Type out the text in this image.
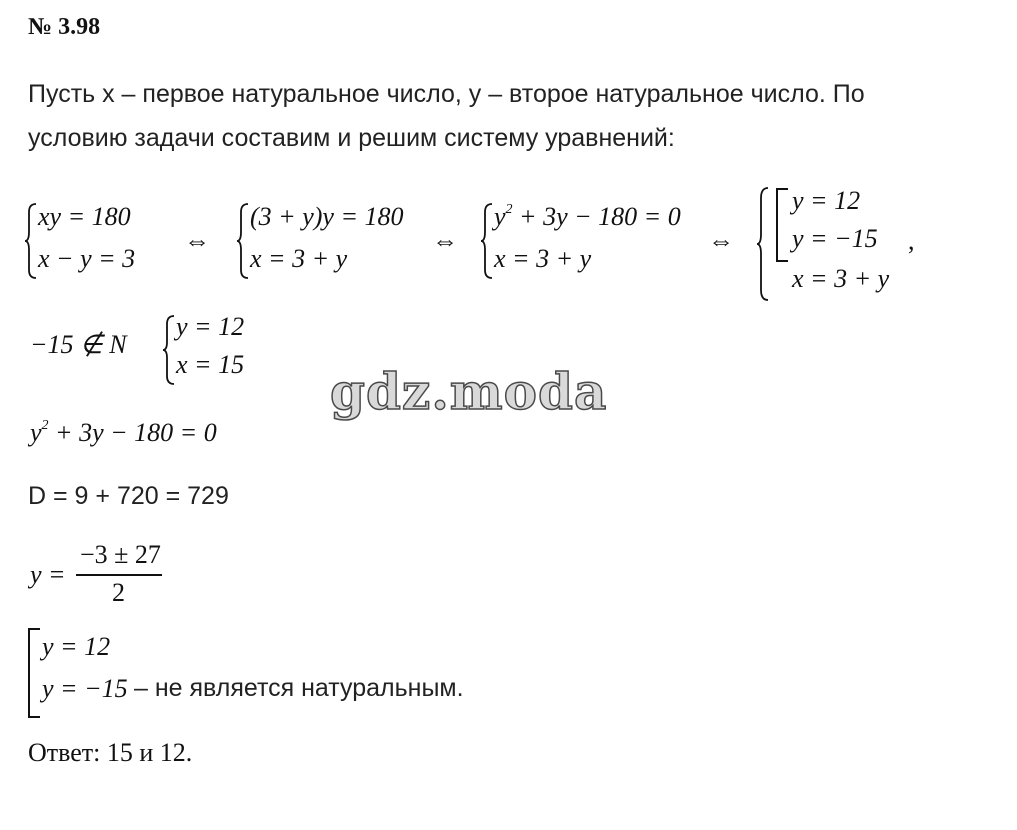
№ 3.98
Пусть x – первое натуральное число, y – второе натуральное число. По
условию задачи составим и решим систему уравнений:
xy = 180
x − y = 3
⇔
(3 + y)y = 180
x = 3 + y
⇔
$y^2 + 3y - 180 = 0$
x = 3 + y
⇔
y = 12
y = −15
x = 3 + y
,
−15 ∉ N
y = 12
x = 15 gdz.moda
$y^2 + 3y - 180 = 0$
D = 9 + 720 = 729
y =
−3 ± 27
2
y = 12
y = −15 – не является натуральным.
Ответ: 15 и 12.
